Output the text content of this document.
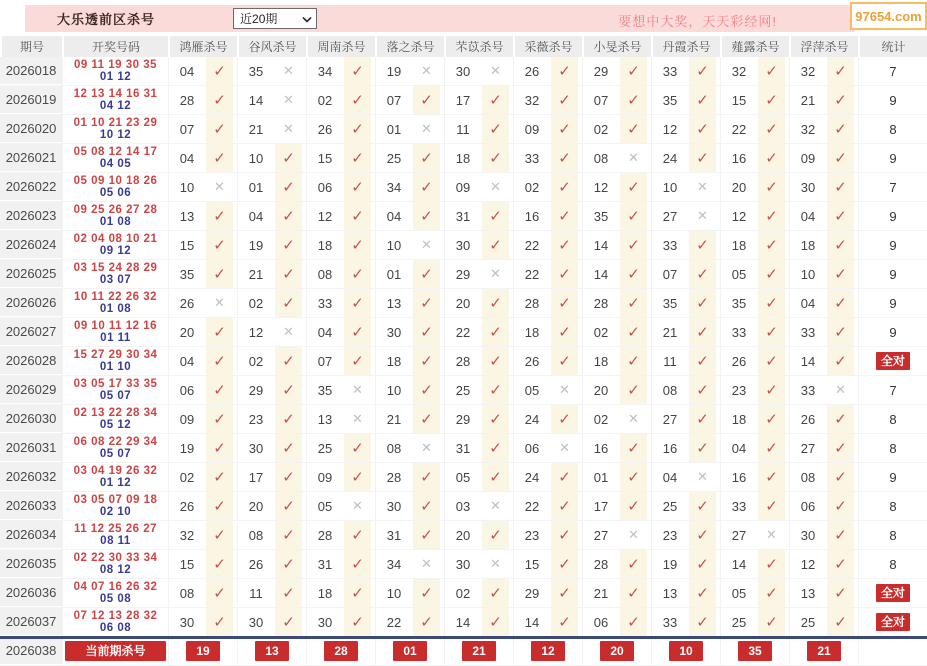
大乐透前区杀号	近20期	要想中大奖，天天彩经网!	97654.com
期号	开奖号码	鸿雁杀号	谷风杀号	周南杀号	落之杀号	芣苡杀号	采薇杀号	小旻杀号	丹霞杀号	薤露杀号	浮萍杀号	统计
2026018	09 11 19 30 35
01 12	04	✓	35	✕	34	✓	19	✕	30	✕	26	✓	29	✓	33	✓	32	✓	32	✓	7
2026019	12 13 14 16 31
04 12	28	✓	14	✕	02	✓	07	✓	17	✓	32	✓	07	✓	35	✓	15	✓	21	✓	9
2026020	01 10 21 23 29
10 12	07	✓	21	✕	26	✓	01	✕	11	✓	09	✓	02	✓	12	✓	22	✓	32	✓	8
2026021	05 08 12 14 17
04 05	04	✓	10	✓	15	✓	25	✓	18	✓	33	✓	08	✕	24	✓	16	✓	09	✓	9
2026022	05 09 10 18 26
05 06	10	✕	01	✓	06	✓	34	✓	09	✕	02	✓	12	✓	10	✕	20	✓	30	✓	7
2026023	09 25 26 27 28
01 08	13	✓	04	✓	12	✓	04	✓	31	✓	16	✓	35	✓	27	✕	12	✓	04	✓	9
2026024	02 04 08 10 21
09 12	15	✓	19	✓	18	✓	10	✕	30	✓	22	✓	14	✓	33	✓	18	✓	18	✓	9
2026025	03 15 24 28 29
03 07	35	✓	21	✓	08	✓	01	✓	29	✕	22	✓	14	✓	07	✓	05	✓	10	✓	9
2026026	10 11 22 26 32
01 08	26	✕	02	✓	33	✓	13	✓	20	✓	28	✓	28	✓	35	✓	35	✓	04	✓	9
2026027	09 10 11 12 16
01 11	20	✓	12	✕	04	✓	30	✓	22	✓	18	✓	02	✓	21	✓	33	✓	33	✓	9
2026028	15 27 29 30 34
01 10	04	✓	02	✓	07	✓	18	✓	28	✓	26	✓	18	✓	11	✓	26	✓	14	✓	全对
2026029	03 05 17 33 35
05 07	06	✓	29	✓	35	✕	10	✓	25	✓	05	✕	20	✓	08	✓	23	✓	33	✕	7
2026030	02 13 22 28 34
05 12	09	✓	23	✓	13	✕	21	✓	29	✓	24	✓	02	✕	27	✓	18	✓	26	✓	8
2026031	06 08 22 29 34
05 07	19	✓	30	✓	25	✓	08	✕	31	✓	06	✕	16	✓	16	✓	04	✓	27	✓	8
2026032	03 04 19 26 32
01 12	02	✓	17	✓	09	✓	28	✓	05	✓	24	✓	01	✓	04	✕	16	✓	08	✓	9
2026033	03 05 07 09 18
02 10	26	✓	20	✓	05	✕	30	✓	03	✕	22	✓	17	✓	25	✓	33	✓	06	✓	8
2026034	11 12 25 26 27
08 11	32	✓	08	✓	28	✓	31	✓	20	✓	23	✓	27	✕	23	✓	27	✕	30	✓	8
2026035	02 22 30 33 34
08 12	15	✓	26	✓	31	✓	34	✕	30	✕	15	✓	28	✓	19	✓	14	✓	12	✓	8
2026036	04 07 16 26 32
05 08	08	✓	11	✓	18	✓	10	✓	02	✓	29	✓	21	✓	13	✓	05	✓	13	✓	全对
2026037	07 12 13 28 32
06 08	30	✓	30	✓	30	✓	22	✓	14	✓	14	✓	06	✓	33	✓	25	✓	25	✓	全对
2026038	当前期杀号	19	13	28	01	21	12	20	10	35	21
